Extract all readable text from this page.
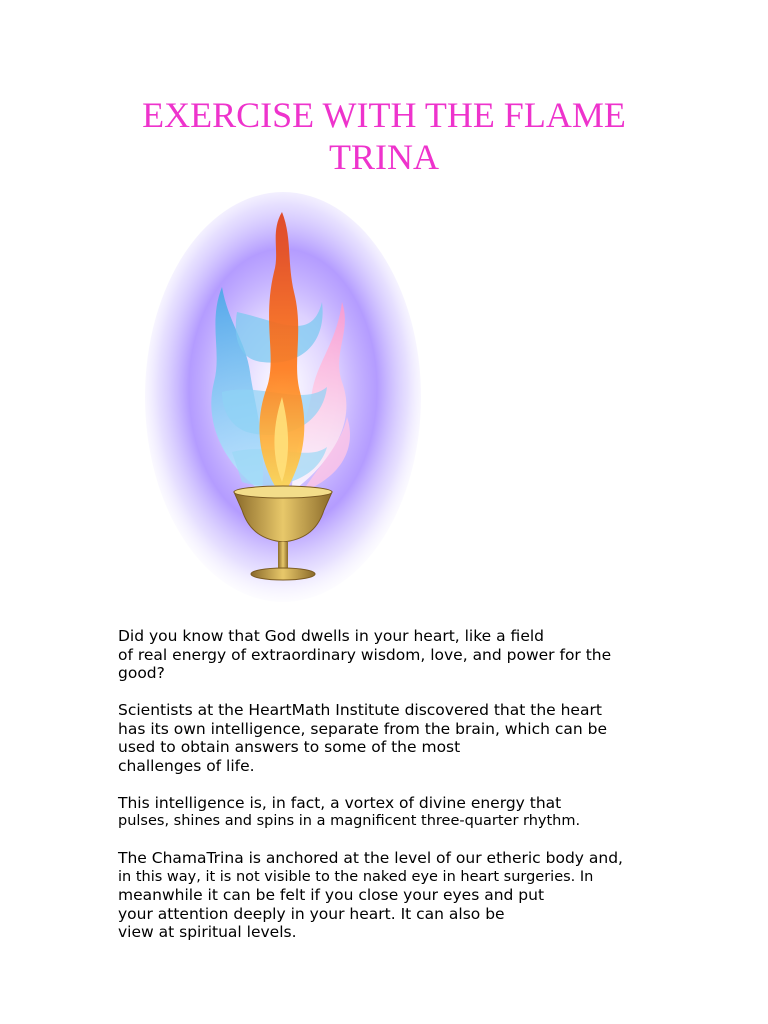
EXERCISE WITH THE FLAME
TRINA

Did you know that God dwells in your heart, like a field
of real energy of extraordinary wisdom, love, and power for the
good?

Scientists at the HeartMath Institute discovered that the heart
has its own intelligence, separate from the brain, which can be
used to obtain answers to some of the most
challenges of life.

This intelligence is, in fact, a vortex of divine energy that
pulses, shines and spins in a magnificent three-quarter rhythm.

The ChamaTrina is anchored at the level of our etheric body and,
in this way, it is not visible to the naked eye in heart surgeries. In
meanwhile it can be felt if you close your eyes and put
your attention deeply in your heart. It can also be
view at spiritual levels.
